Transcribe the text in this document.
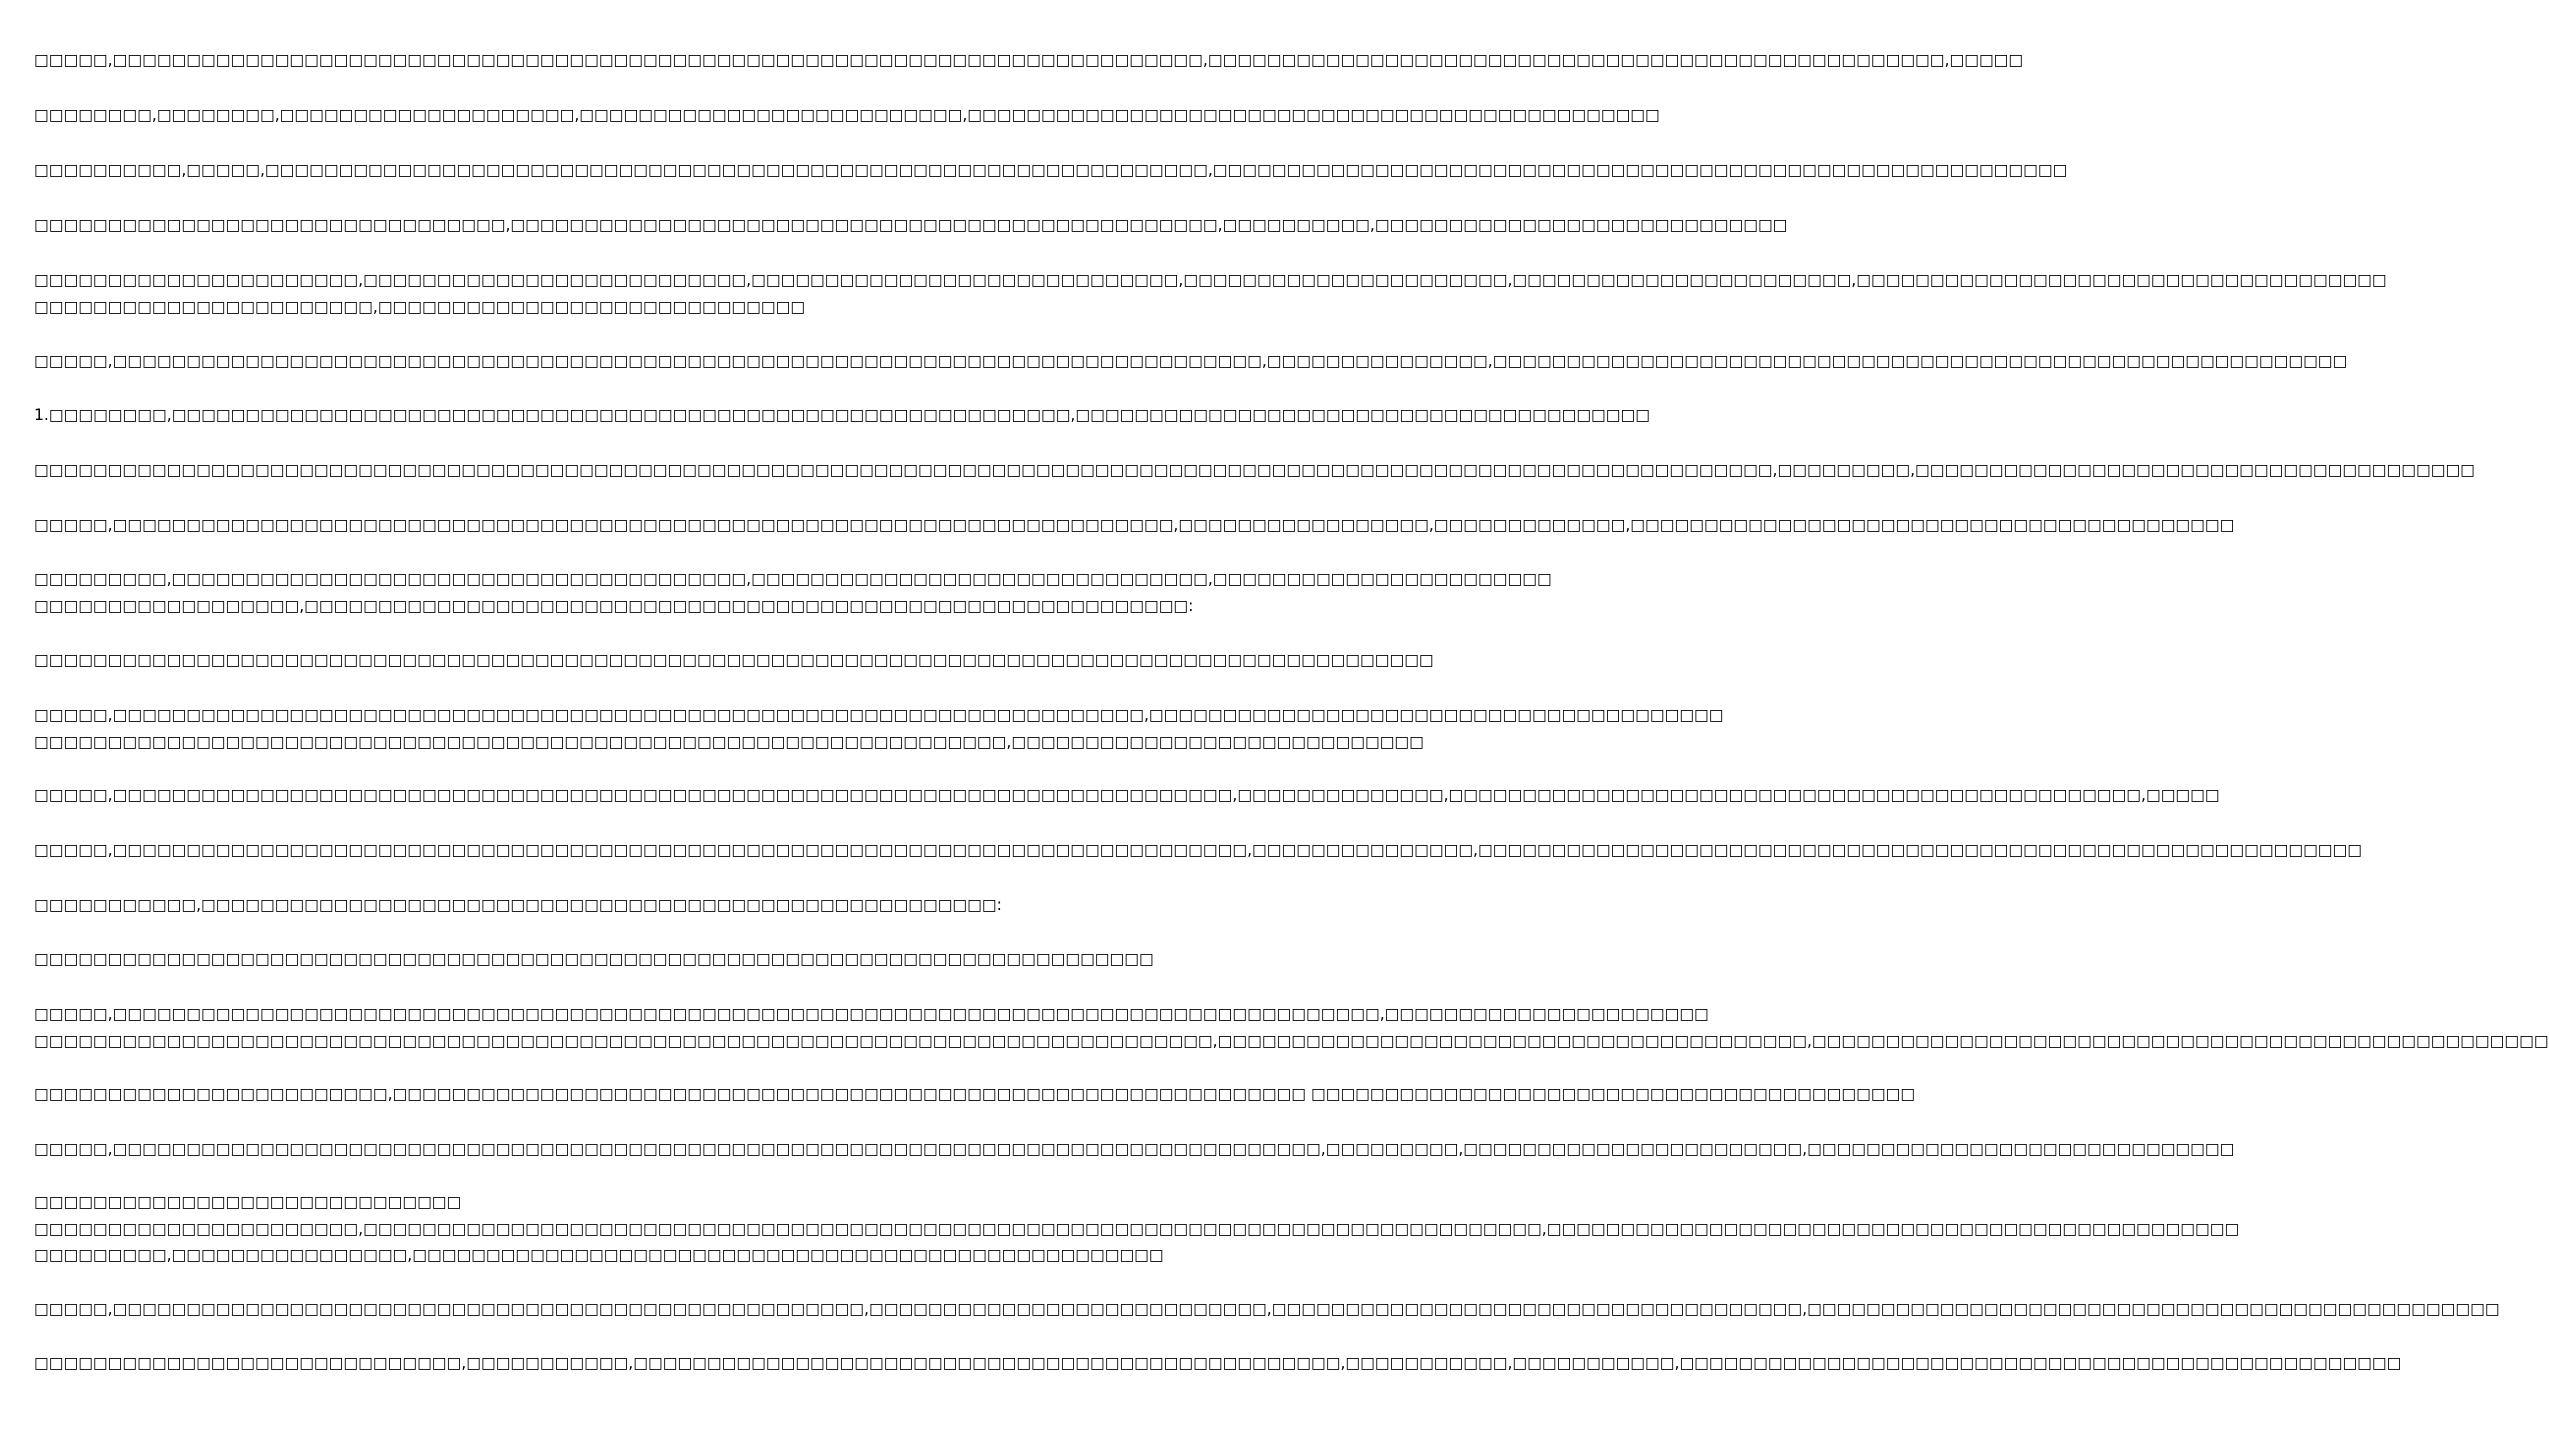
□□□□□,□□□□□□□□□□□□□□□□□□□□□□□□□□□□□□□□□□□□□□□□□□□□□□□□□□□□□□□□□□□□□□□□□□□□□□□□□□,□□□□□□□□□□□□□□□□□□□□□□□□□□□□□□□□□□□□□□□□□□□□□□□□□□,□□□□□

□□□□□□□□,□□□□□□□□,□□□□□□□□□□□□□□□□□□□□,□□□□□□□□□□□□□□□□□□□□□□□□□□,□□□□□□□□□□□□□□□□□□□□□□□□□□□□□□□□□□□□□□□□□□□□□□□

□□□□□□□□□□,□□□□□,□□□□□□□□□□□□□□□□□□□□□□□□□□□□□□□□□□□□□□□□□□□□□□□□□□□□□□□□□□□□□□□□,□□□□□□□□□□□□□□□□□□□□□□□□□□□□□□□□□□□□□□□□□□□□□□□□□□□□□□□□□□

□□□□□□□□□□□□□□□□□□□□□□□□□□□□□□□□,□□□□□□□□□□□□□□□□□□□□□□□□□□□□□□□□□□□□□□□□□□□□□□□□,□□□□□□□□□□,□□□□□□□□□□□□□□□□□□□□□□□□□□□□

□□□□□□□□□□□□□□□□□□□□□□,□□□□□□□□□□□□□□□□□□□□□□□□□□,□□□□□□□□□□□□□□□□□□□□□□□□□□□□□,□□□□□□□□□□□□□□□□□□□□□□,□□□□□□□□□□□□□□□□□□□□□□□,□□□□□□□□□□□□□□□□□□□□□□□□□□□□□□□□□□□□
□□□□□□□□□□□□□□□□□□□□□□□,□□□□□□□□□□□□□□□□□□□□□□□□□□□□□

□□□□□,□□□□□□□□□□□□□□□□□□□□□□□□□□□□□□□□□□□□□□□□□□□□□□□□□□□□□□□□□□□□□□□□□□□□□□□□□□□□□□,□□□□□□□□□□□□□□□,□□□□□□□□□□□□□□□□□□□□□□□□□□□□□□□□□□□□□□□□□□□□□□□□□□□□□□□□□□

1.□□□□□□□□,□□□□□□□□□□□□□□□□□□□□□□□□□□□□□□□□□□□□□□□□□□□□□□□□□□□□□□□□□□□□□,□□□□□□□□□□□□□□□□□□□□□□□□□□□□□□□□□□□□□□□

□□□□□□□□□□□□□□□□□□□□□□□□□□□□□□□□□□□□□□□□□□□□□□□□□□□□□□□□□□□□□□□□□□□□□□□□□□□□□□□□□□□□□□□□□□□□□□□□□□□□□□□□□□□□□□□□□□□□□□,□□□□□□□□□,□□□□□□□□□□□□□□□□□□□□□□□□□□□□□□□□□□□□□□

□□□□□,□□□□□□□□□□□□□□□□□□□□□□□□□□□□□□□□□□□□□□□□□□□□□□□□□□□□□□□□□□□□□□□□□□□□□□□□,□□□□□□□□□□□□□□□□□,□□□□□□□□□□□□□,□□□□□□□□□□□□□□□□□□□□□□□□□□□□□□□□□□□□□□□□□

□□□□□□□□□,□□□□□□□□□□□□□□□□□□□□□□□□□□□□□□□□□□□□□□□,□□□□□□□□□□□□□□□□□□□□□□□□□□□□□□□,□□□□□□□□□□□□□□□□□□□□□□□
□□□□□□□□□□□□□□□□□□,□□□□□□□□□□□□□□□□□□□□□□□□□□□□□□□□□□□□□□□□□□□□□□□□□□□□□□□□□□□□:

□□□□□□□□□□□□□□□□□□□□□□□□□□□□□□□□□□□□□□□□□□□□□□□□□□□□□□□□□□□□□□□□□□□□□□□□□□□□□□□□□□□□□□□□□□□□□□□

□□□□□,□□□□□□□□□□□□□□□□□□□□□□□□□□□□□□□□□□□□□□□□□□□□□□□□□□□□□□□□□□□□□□□□□□□□□□,□□□□□□□□□□□□□□□□□□□□□□□□□□□□□□□□□□□□□□□
□□□□□□□□□□□□□□□□□□□□□□□□□□□□□□□□□□□□□□□□□□□□□□□□□□□□□□□□□□□□□□□□□□,□□□□□□□□□□□□□□□□□□□□□□□□□□□□

□□□□□,□□□□□□□□□□□□□□□□□□□□□□□□□□□□□□□□□□□□□□□□□□□□□□□□□□□□□□□□□□□□□□□□□□□□□□□□□□□□,□□□□□□□□□□□□□□,□□□□□□□□□□□□□□□□□□□□□□□□□□□□□□□□□□□□□□□□□□□□□□□,□□□□□

□□□□□,□□□□□□□□□□□□□□□□□□□□□□□□□□□□□□□□□□□□□□□□□□□□□□□□□□□□□□□□□□□□□□□□□□□□□□□□□□□□□,□□□□□□□□□□□□□□□,□□□□□□□□□□□□□□□□□□□□□□□□□□□□□□□□□□□□□□□□□□□□□□□□□□□□□□□□□□□□

□□□□□□□□□□□,□□□□□□□□□□□□□□□□□□□□□□□□□□□□□□□□□□□□□□□□□□□□□□□□□□□□□□:

□□□□□□□□□□□□□□□□□□□□□□□□□□□□□□□□□□□□□□□□□□□□□□□□□□□□□□□□□□□□□□□□□□□□□□□□□□□□

□□□□□,□□□□□□□□□□□□□□□□□□□□□□□□□□□□□□□□□□□□□□□□□□□□□□□□□□□□□□□□□□□□□□□□□□□□□□□□□□□□□□□□□□□□□□,□□□□□□□□□□□□□□□□□□□□□□
□□□□□□□□□□□□□□□□□□□□□□□□□□□□□□□□□□□□□□□□□□□□□□□□□□□□□□□□□□□□□□□□□□□□□□□□□□□□□□□□,□□□□□□□□□□□□□□□□□□□□□□□□□□□□□□□□□□□□□□□□,□□□□□□□□□□□□□□□□□□□□□□□□□□□□□□□□□□□□□□□□□□□□□□□□□□

□□□□□□□□□□□□□□□□□□□□□□□□,□□□□□□□□□□□□□□□□□□□□□□□□□□□□□□□□□□□□□□□□□□□□□□□□□□□□□□□□□□□□□□ □□□□□□□□□□□□□□□□□□□□□□□□□□□□□□□□□□□□□□□□□

□□□□□,□□□□□□□□□□□□□□□□□□□□□□□□□□□□□□□□□□□□□□□□□□□□□□□□□□□□□□□□□□□□□□□□□□□□□□□□□□□□□□□□□□,□□□□□□□□□,□□□□□□□□□□□□□□□□□□□□□□□,□□□□□□□□□□□□□□□□□□□□□□□□□□□□□

□□□□□□□□□□□□□□□□□□□□□□□□□□□□□
□□□□□□□□□□□□□□□□□□□□□□,□□□□□□□□□□□□□□□□□□□□□□□□□□□□□□□□□□□□□□□□□□□□□□□□□□□□□□□□□□□□□□□□□□□□□□□□□□□□□□□□,□□□□□□□□□□□□□□□□□□□□□□□□□□□□□□□□□□□□□□□□□□□□□□□
□□□□□□□□□,□□□□□□□□□□□□□□□□,□□□□□□□□□□□□□□□□□□□□□□□□□□□□□□□□□□□□□□□□□□□□□□□□□□□

□□□□□,□□□□□□□□□□□□□□□□□□□□□□□□□□□□□□□□□□□□□□□□□□□□□□□□□□□,□□□□□□□□□□□□□□□□□□□□□□□□□□□,□□□□□□□□□□□□□□□□□□□□□□□□□□□□□□□□□□□□,□□□□□□□□□□□□□□□□□□□□□□□□□□□□□□□□□□□□□□□□□□□□□□□

□□□□□□□□□□□□□□□□□□□□□□□□□□□□□,□□□□□□□□□□□,□□□□□□□□□□□□□□□□□□□□□□□□□□□□□□□□□□□□□□□□□□□□□□□□,□□□□□□□□□□□,□□□□□□□□□□□,□□□□□□□□□□□□□□□□□□□□□□□□□□□□□□□□□□□□□□□□□□□□□□□□□
